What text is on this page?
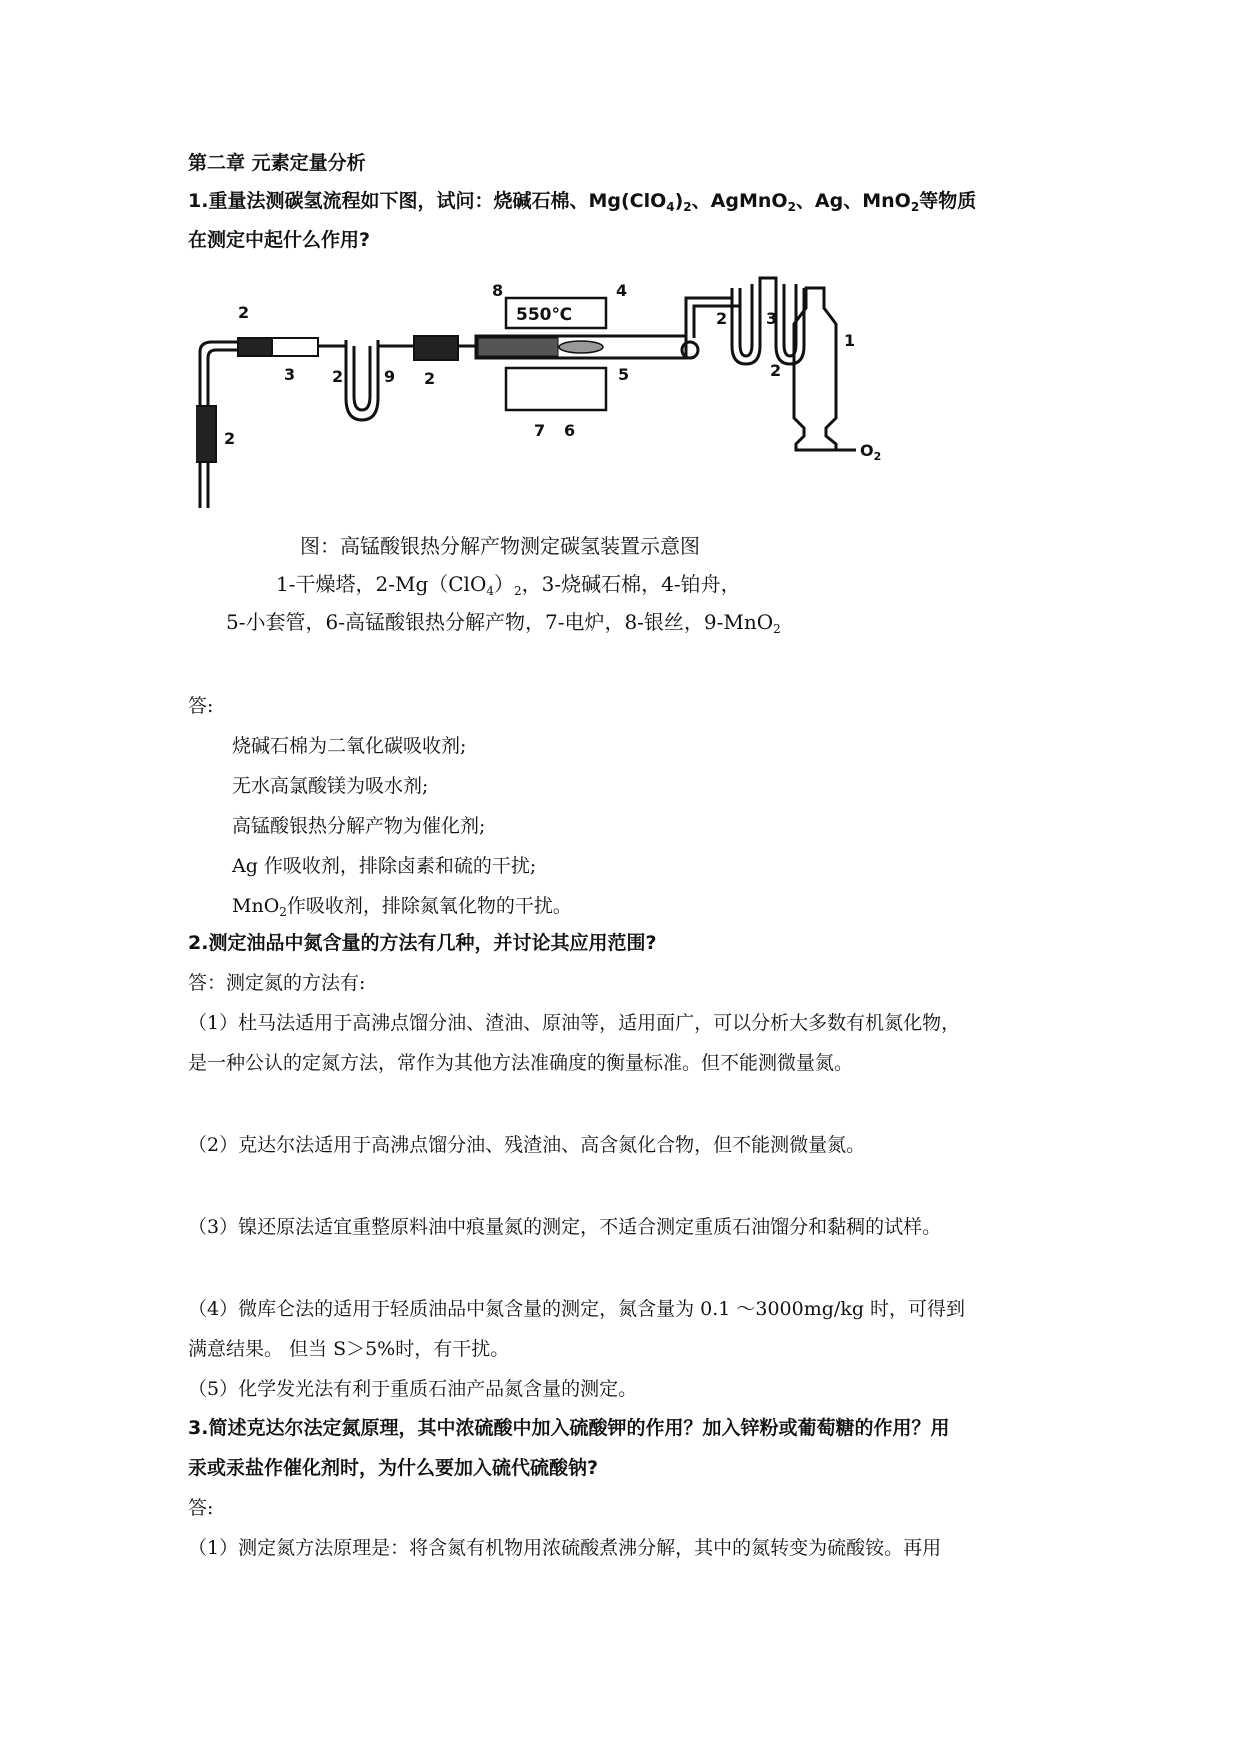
第二章 元素定量分析
1.重量法测碳氢流程如下图，试问：烧碱石棉、$Mg(ClO_4)_2$、AgMnO$_2$、Ag、MnO$_2$等物质
在测定中起什么作用?
550℃
2
2
3 2	9 2
8	4
5
7 6
2 3
2
1
$O_2$
图：高锰酸银热分解产物测定碳氢装置示意图
1-干燥塔，$2-Mg(ClO_4)_2$，3-烧碱石棉，4-铂舟，
5-小套管，6-高锰酸银热分解产物，7-电炉，8-银丝，9-MnO$_2$
答:
烧碱石棉为二氧化碳吸收剂;
无水高氯酸镁为吸水剂;
高锰酸银热分解产物为催化剂;
Ag 作吸收剂，排除卤素和硫的干扰;
MnO$_2$作吸收剂，排除氮氧化物的干扰。
2.测定油品中氮含量的方法有几种，并讨论其应用范围?
答：测定氮的方法有:
（1）杜马法适用于高沸点馏分油、渣油、原油等，适用面广，可以分析大多数有机氮化物，
是一种公认的定氮方法，常作为其他方法准确度的衡量标准。但不能测微量氮。
（2）克达尔法适用于高沸点馏分油、残渣油、高含氮化合物，但不能测微量氮。
（3）镍还原法适宜重整原料油中痕量氮的测定，不适合测定重质石油馏分和黏稠的试样。
（4）微库仑法的适用于轻质油品中氮含量的测定，氮含量为 0.1 ～3000mg/kg 时，可得到
满意结果。 但当 S＞5%时，有干扰。
（5）化学发光法有利于重质石油产品氮含量的测定。
3.简述克达尔法定氮原理，其中浓硫酸中加入硫酸钾的作用？加入锌粉或葡萄糖的作用？用
汞或汞盐作催化剂时，为什么要加入硫代硫酸钠?
答:
（1）测定氮方法原理是：将含氮有机物用浓硫酸煮沸分解，其中的氮转变为硫酸铵。再用
